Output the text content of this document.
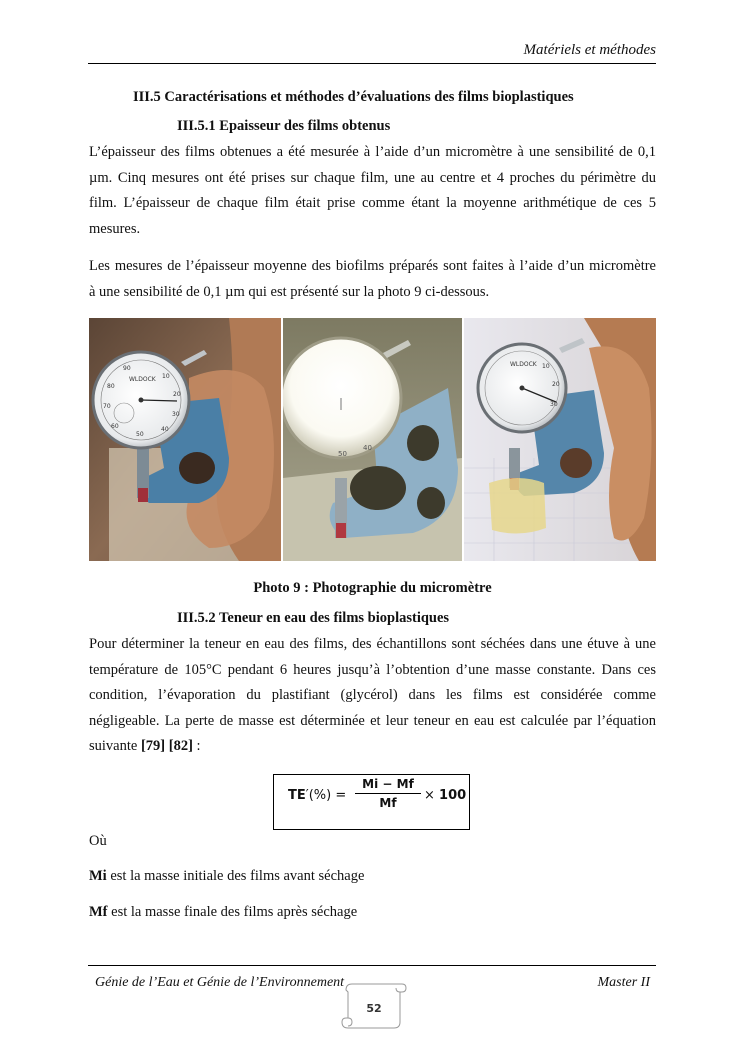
Matériels et méthodes
III.5 Caractérisations et méthodes d’évaluations des films bioplastiques
III.5.1 Epaisseur des films obtenus
L’épaisseur des films obtenues a été mesurée à l’aide d’un micromètre à une sensibilité de 0,1
µm. Cinq mesures ont été prises sur chaque film, une au centre et 4 proches du périmètre du
film. L’épaisseur de chaque film était prise comme étant la moyenne arithmétique de ces 5
mesures.
Les mesures de l’épaisseur moyenne des biofilms préparés sont faites à l’aide d’un micromètre
à une sensibilité de 0,1 µm qui est présenté sur la photo 9 ci-dessous.
WLDOCK
90
10
80
20
70
30
60	40
50
50
40
WLDOCK 10
20
30
Photo 9 : Photographie du micromètre
III.5.2 Teneur en eau des films bioplastiques
Pour déterminer la teneur en eau des films, des échantillons sont séchées dans une étuve à une
température de 105°C pendant 6 heures jusqu’à l’obtention d’une masse constante. Dans ces
condition, l’évaporation du plastifiant (glycérol) dans les films est considérée comme
négligeable. La perte de masse est déterminée et leur teneur en eau est calculée par l’équation
suivante [79] [82] :
TE′(%) =
Mi − Mf
Mf	× 100
Où
Mi est la masse initiale des films avant séchage
Mf est la masse finale des films après séchage
Génie de l’Eau et Génie de l’Environnement	Master II
52
